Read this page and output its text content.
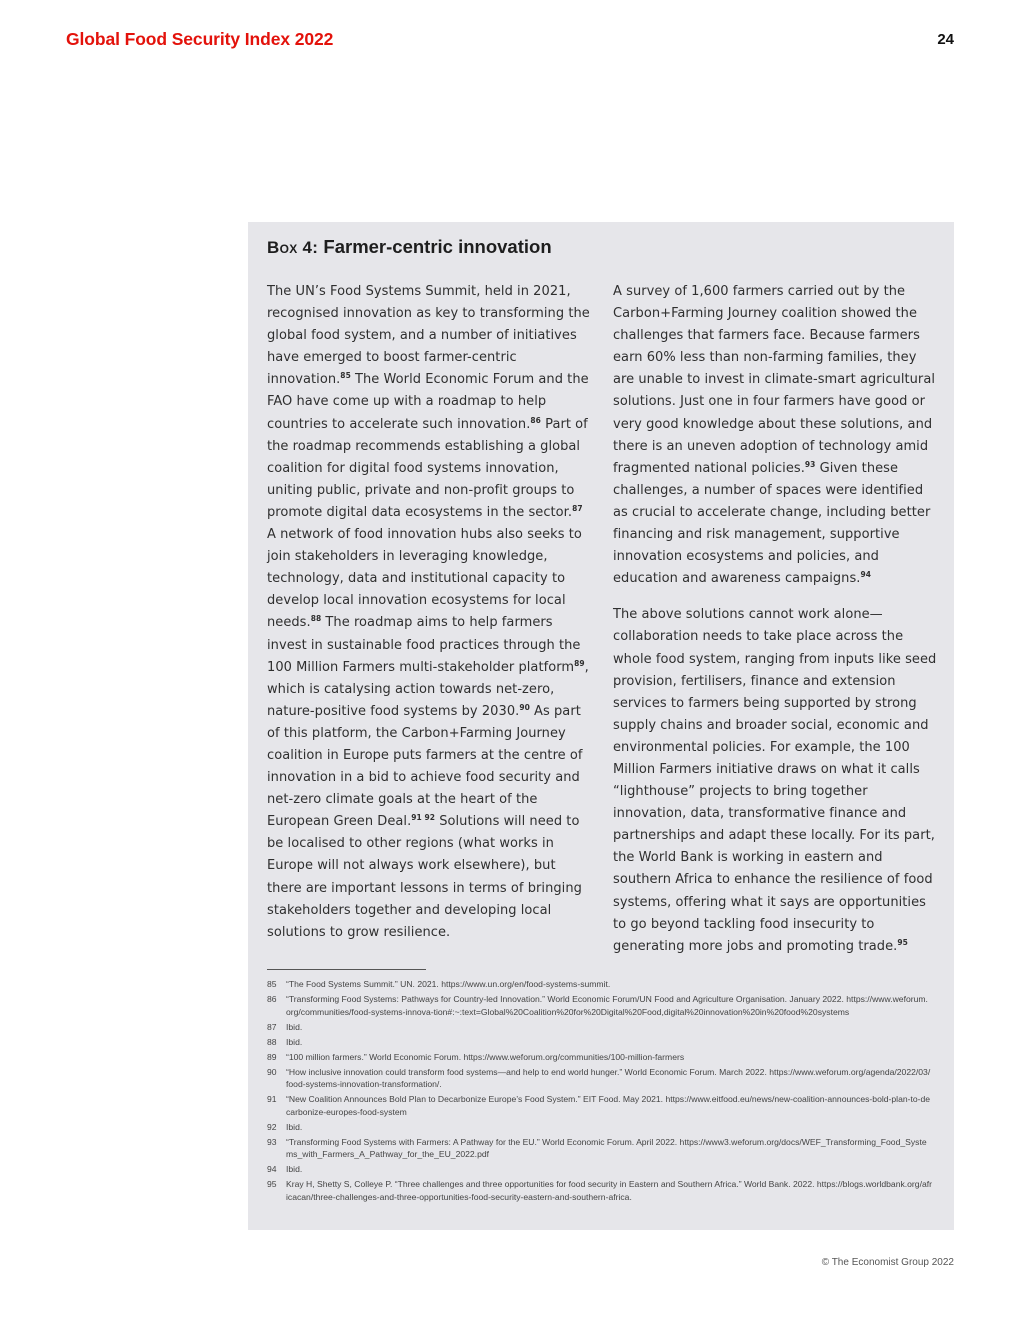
Global Food Security Index 2022	24
Box 4: Farmer-centric innovation

The UN’s Food Systems Summit, held in 2021, recognised innovation as key to transforming the global food system, and a number of initiatives have emerged to boost farmer-centric innovation.$^{85}$ The World Economic Forum and the FAO have come up with a roadmap to help countries to accelerate such innovation.$^{86}$ Part of the roadmap recommends establishing a global coalition for digital food systems innovation, uniting public, private and non-profit groups to promote digital data ecosystems in the sector.$^{87}$ A network of food innovation hubs also seeks to join stakeholders in leveraging knowledge, technology, data and institutional capacity to develop local innovation ecosystems for local needs.$^{88}$ The roadmap aims to help farmers invest in sustainable food practices through the 100 Million Farmers multi-stakeholder platform$^{89}$, which is catalysing action towards net-zero, nature-positive food systems by 2030.90 As part of this platform, the Carbon+Farming Journey coalition in Europe puts farmers at the centre of innovation in a bid to achieve food security and net-zero climate goals at the heart of the European Green Deal.$^{91 92}$ Solutions will need to be localised to other regions (what works in Europe will not always work elsewhere), but there are important lessons in terms of bringing stakeholders together and developing local solutions to grow resilience.

A survey of 1,600 farmers carried out by the Carbon+Farming Journey coalition showed the challenges that farmers face. Because farmers earn 60% less than non-farming families, they are unable to invest in climate-smart agricultural solutions. Just one in four farmers have good or very good knowledge about these solutions, and there is an uneven adoption of technology amid fragmented national policies.$^{93}$ Given these challenges, a number of spaces were identified as crucial to accelerate change, including better financing and risk management, supportive innovation ecosystems and policies, and education and awareness campaigns.$^{94}$

The above solutions cannot work alone—collaboration needs to take place across the whole food system, ranging from inputs like seed provision, fertilisers, finance and extension services to farmers being supported by strong supply chains and broader social, economic and environmental policies. For example, the 100 Million Farmers initiative draws on what it calls “lighthouse” projects to bring together innovation, data, transformative finance and partnerships and adapt these locally. For its part, the World Bank is working in eastern and southern Africa to enhance the resilience of food systems, offering what it says are opportunities to go beyond tackling food insecurity to generating more jobs and promoting trade.$^{95}$

85	“The Food Systems Summit.” UN. 2021. https://www.un.org/en/food-systems-summit.
86	“Transforming Food Systems: Pathways for Country-led Innovation.” World Economic Forum/UN Food and Agriculture Organisation. January 2022. https://www.weforum.org/communities/food-systems-innova-tion#:~:text=Global%20Coalition%20for%20Digital%20Food,digital%20innovation%20in%20food%20systems
87	Ibid.
88	Ibid.
89	“100 million farmers.” World Economic Forum. https://www.weforum.org/communities/100-million-farmers
90	“How inclusive innovation could transform food systems—and help to end world hunger.” World Economic Forum. March 2022. https://www.weforum.org/agenda/2022/03/food-systems-innovation-transformation/.
91	“New Coalition Announces Bold Plan to Decarbonize Europe’s Food System.” EIT Food. May 2021. https://www.eitfood.eu/news/new-coalition-announces-bold-plan-to-decarbonize-europes-food-system
92	Ibid.
93	“Transforming Food Systems with Farmers: A Pathway for the EU.” World Economic Forum. April 2022. https://www3.weforum.org/docs/WEF_Transforming_Food_Systems_with_Farmers_A_Pathway_for_the_EU_2022.pdf
94	Ibid.
95	Kray H, Shetty S, Colleye P. “Three challenges and three opportunities for food security in Eastern and Southern Africa.” World Bank. 2022. https://blogs.worldbank.org/africacan/three-challenges-and-three-opportunities-food-security-eastern-and-southern-africa.
© The Economist Group 2022
